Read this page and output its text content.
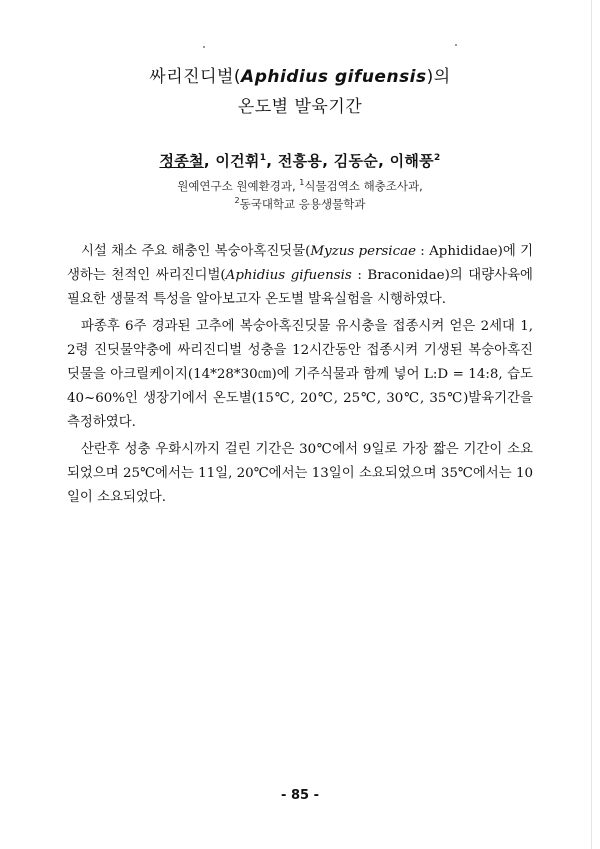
싸리진디벌(Aphidius gifuensis)의
온도별 발육기간
정종철, 이건휘$^1$, 전흥용, 김동순, 이해풍$^2$
원예연구소 원예환경과, $^1$식물검역소 해충조사과,
$^2$동국대학교 응용생물학과

시설 채소 주요 해충인 복숭아혹진딧물(Myzus persicae : Aphididae)에 기생하는 천적인 싸리진디벌(Aphidius gifuensis : Braconidae)의 대량사육에 필요한 생물적 특성을 알아보고자 온도별 발육실험을 시행하였다.

파종후 6주 경과된 고추에 복숭아혹진딧물 유시충을 접종시켜 얻은 2세대 1, 2령 진딧물약충에 싸리진디벌 성충을 12시간동안 접종시켜 기생된 복숭아혹진딧물을 아크릴케이지(14*28*30㎝)에 기주식물과 함께 넣어 L:D = 14:8, 습도 40~60%인 생장기에서 온도별(15℃, 20℃, 25℃, 30℃, 35℃)발육기간을 측정하였다.

산란후 성충 우화시까지 걸린 기간은 30℃에서 9일로 가장 짧은 기간이 소요되었으며 25℃에서는 11일, 20℃에서는 13일이 소요되었으며 35℃에서는 10일이 소요되었다.

- 85 -
